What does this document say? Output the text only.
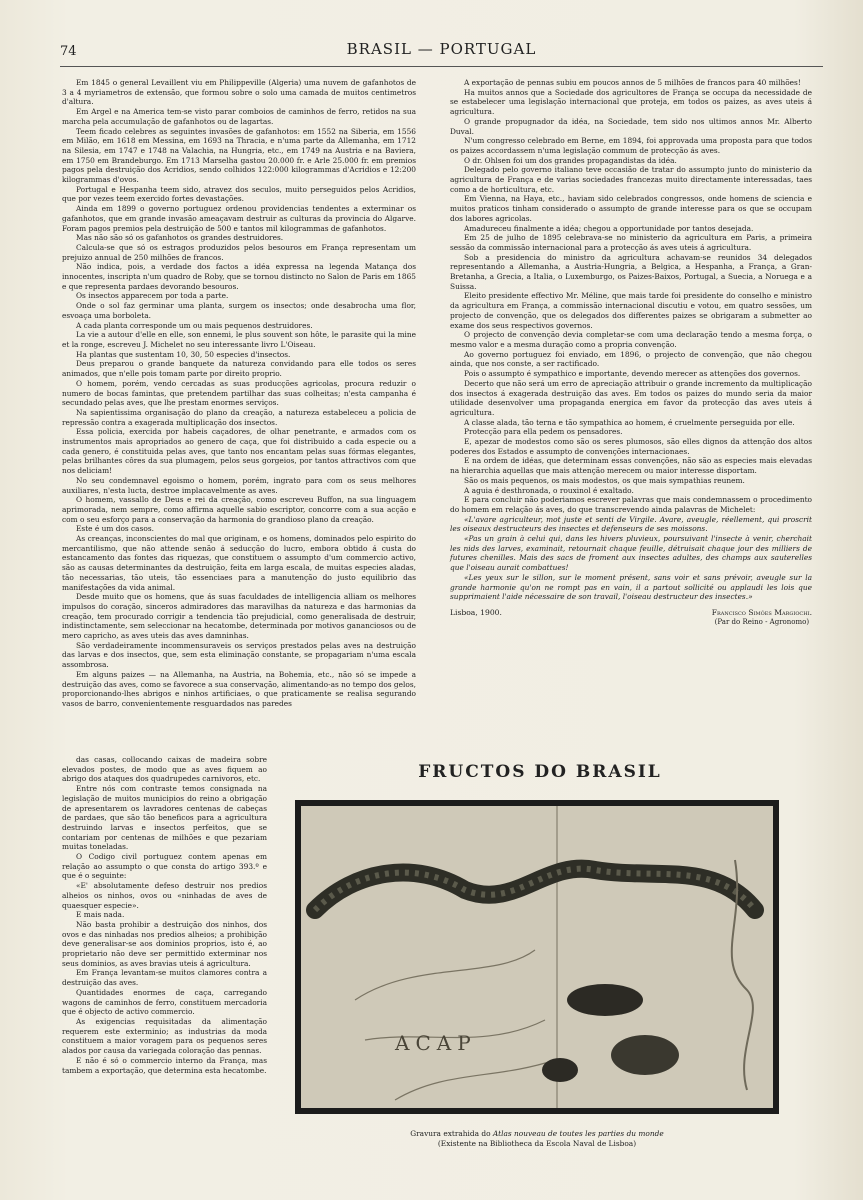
74	BRASIL — PORTUGAL

Em 1845 o general Levaillent viu em Philippeville (Algeria) uma nuvem de gafanhotos de 3 a 4 myriametros de extensão, que formou sobre o solo uma camada de muitos centimetros d'altura.

Em Argel e na America tem-se visto parar comboios de caminhos de ferro, retidos na sua marcha pela accumulação de gafanhotos ou de lagartas.

Teem ficado celebres as seguintes invasões de gafanhotos: em 1552 na Siberia, em 1556 em Milão, em 1618 em Messina, em 1693 na Thracia, e n'uma parte da Allemanha, em 1712 na Silesia, em 1747 e 1748 na Valachia, na Hungria, etc., em 1749 na Austria e na Baviera, em 1750 em Brandeburgo. Em 1713 Marselha gastou 20.000 fr. e Arle 25.000 fr. em premios pagos pela destruição dos Acridios, sendo colhidos 122:000 kilogrammas d'Acridios e 12:200 kilogrammas d'ovos.

Portugal e Hespanha teem sido, atravez dos seculos, muito perseguidos pelos Acridios, que por vezes teem exercido fortes devastações.

Ainda em 1899 o governo portuguez ordenou providencias tendentes a exterminar os gafanhotos, que em grande invasão ameaçavam destruir as culturas da provincia do Algarve. Foram pagos premios pela destruição de 500 e tantos mil kilogrammas de gafanhotos.

Mas não são só os gafanhotos os grandes destruidores.

Calcula-se que só os estragos produzidos pelos besouros em França representam um prejuizo annual de 250 milhões de francos.

Não indica, pois, a verdade dos factos a idéa expressa na legenda Matança dos innocentes, inscripta n'um quadro de Roby, que se tornou distincto no Salon de Paris em 1865 e que representa pardaes devorando besouros.

Os insectos apparecem por toda a parte.

Onde o sol faz germinar uma planta, surgem os insectos; onde desabrocha uma flor, esvoaça uma borboleta.

A cada planta corresponde um ou mais pequenos destruidores.

La vie a autour d'elle en elle, son ennemi, le plus souvent son hôte, le parasite qui la mine et la ronge, escreveu J. Michelet no seu interessante livro L'Oiseau.

Ha plantas que sustentam 10, 30, 50 especies d'insectos.

Deus preparou o grande banquete da natureza convidando para elle todos os seres animados, que n'elle pois tomam parte por direito proprio.

O homem, porém, vendo cercadas as suas producções agricolas, procura reduzir o numero de bocas famintas, que pretendem partilhar das suas colheitas; n'esta campanha é secundado pelas aves, que lhe prestam enormes serviços.

Na sapientissima organisação do plano da creação, a natureza estabeleceu a policia de repressão contra a exagerada multiplicação dos insectos.

Essa policia, exercida por habeis caçadores, de olhar penetrante, e armados com os instrumentos mais apropriados ao genero de caça, que foi distribuido a cada especie ou a cada genero, é constituida pelas aves, que tanto nos encantam pelas suas fórmas elegantes, pelas brilhantes côres da sua plumagem, pelos seus gorgeios, por tantos attractivos com que nos deliciam!

No seu condemnavel egoismo o homem, porém, ingrato para com os seus melhores auxiliares, n'esta lucta, destroe implacavelmente as aves.

O homem, vassallo de Deus e rei da creação, como escreveu Buffon, na sua linguagem aprimorada, nem sempre, como affirma aquelle sabio escriptor, concorre com a sua acção e com o seu esforço para a conservação da harmonia do grandioso plano da creação.

Este é um dos casos.

As creanças, inconscientes do mal que originam, e os homens, dominados pelo espirito do mercantilismo, que não attende senão á seducção do lucro, embora obtido á custa do estancamento das fontes das riquezas, que constituem o assumpto d'um commercio activo, são as causas determinantes da destruição, feita em larga escala, de muitas especies aladas, tão necessarias, tão uteis, tão essenciaes para a manutenção do justo equilibrio das manifestações da vida animal.

Desde muito que os homens, que ás suas faculdades de intelligencia alliam os melhores impulsos do coração, sinceros admiradores das maravilhas da natureza e das harmonias da creação, tem procurado corrigir a tendencia tão prejudicial, como generalisada de destruir, indistinctamente, sem seleccionar na hecatombe, determinada por motivos gananciosos ou de mero capricho, as aves uteis das aves damninhas.

São verdadeiramente incommensuraveis os serviços prestados pelas aves na destruição das larvas e dos insectos, que, sem esta eliminação constante, se propagariam n'uma escala assombrosa.

Em alguns paizes — na Allemanha, na Austria, na Bohemia, etc., não só se impede a destruição das aves, como se favorece a sua conservação, alimentando-as no tempo dos gelos, proporcionando-lhes abrigos e ninhos artificiaes, o que praticamente se realisa segurando vasos de barro, convenientemente resguardados nas paredes

das casas, collocando caixas de madeira sobre elevados postes, de modo que as aves fiquem ao abrigo dos ataques dos quadrupedes carnivoros, etc.

Entre nós com contraste temos consignada na legislação de muitos municipios do reino a obrigação de apresentarem os lavradores centenas de cabeças de pardaes, que são tão beneficos para a agricultura destruindo larvas e insectos perfeitos, que se contariam por centenas de milhões e que pezariam muitas toneladas.

O Codigo civil portuguez contem apenas em relação ao assumpto o que consta do artigo 393.º e que é o seguinte:

«E' absolutamente defeso destruir nos predios alheios os ninhos, ovos ou «ninhadas de aves de quaesquer especie».

E mais nada.

Não basta prohibir a destruição dos ninhos, dos ovos e das ninhadas nos predios alheios; a prohibição deve generalisar-se aos dominios proprios, isto é, ao proprietario não deve ser permittido exterminar nos seus dominios, as aves bravias uteis á agricultura.

Em França levantam-se muitos clamores contra a destruição das aves.

Quantidades enormes de caça, carregando wagons de caminhos de ferro, constituem mercadoria que é objecto de activo commercio.

As exigencias requisitadas da alimentação requerem este exterminio; as industrias da moda constituem a maior voragem para os pequenos seres alados por causa da variegada coloração das pennas.

E não é só o commercio interno da França, mas tambem a exportação, que determina esta hecatombe.

A exportação de pennas subiu em poucos annos de 5 milhões de francos para 40 milhões!

Ha muitos annos que a Sociedade dos agricultores de França se occupa da necessidade de se estabelecer uma legislação internacional que proteja, em todos os paizes, as aves uteis á agricultura.

O grande propugnador da idéa, na Sociedade, tem sido nos ultimos annos Mr. Alberto Duval.

N'um congresso celebrado em Berne, em 1894, foi approvada uma proposta para que todos os paizes accordassem n'uma legislação commum de protecção ás aves.

O dr. Ohlsen foi um dos grandes propagandistas da idéa.

Delegado pelo governo italiano teve occasião de tratar do assumpto junto do ministerio da agricultura de França e de varias sociedades francezas muito directamente interessadas, taes como a de horticultura, etc.

Em Vienna, na Haya, etc., haviam sido celebrados congressos, onde homens de sciencia e muitos praticos tinham considerado o assumpto de grande interesse para os que se occupam dos labores agricolas.

Amadureceu finalmente a idéa; chegou a opportunidade por tantos desejada.

Em 25 de julho de 1895 celebrava-se no ministerio da agricultura em Paris, a primeira sessão da commissão internacional para a protecção ás aves uteis á agricultura.

Sob a presidencia do ministro da agricultura achavam-se reunidos 34 delegados representando a Allemanha, a Austria-Hungria, a Belgica, a Hespanha, a França, a Gran-Bretanha, a Grecia, a Italia, o Luxemburgo, os Paizes-Baixos, Portugal, a Suecia, a Noruega e a Suissa.

Eleito presidente effectivo Mr. Méline, que mais tarde foi presidente do conselho e ministro da agricultura em França, a commissão internacional discutiu e votou, em quatro sessões, um projecto de convenção, que os delegados dos differentes paizes se obrigaram a submetter ao exame dos seus respectivos governos.

O projecto de convenção devia completar-se com uma declaração tendo a mesma força, o mesmo valor e a mesma duração como a propria convenção.

Ao governo portuguez foi enviado, em 1896, o projecto de convenção, que não chegou ainda, que nos conste, a ser ractificado.

Pois o assumpto é sympathico e importante, devendo merecer as attenções dos governos.

Decerto que não será um erro de apreciação attribuir o grande incremento da multiplicação dos insectos á exagerada destruição das aves. Em todos os paizes do mundo seria da maior utilidade desenvolver uma propaganda energica em favor da protecção das aves uteis á agricultura.

A classe alada, tão terna e tão sympathica ao homem, é cruelmente perseguida por elle.

Protecção para ella pedem os pensadores.

E, apezar de modestos como são os seres plumosos, são elles dignos da attenção dos altos poderes dos Estados e assumpto de convenções internacionaes.

E na ordem de idéas, que determinam essas convenções, não são as especies mais elevadas na hierarchia aquellas que mais attenção merecem ou maior interesse disportam.

São os mais pequenos, os mais modestos, os que mais sympathias reunem.

A aguia é desthronada, o rouxinol é exaltado.

E para concluir não poderiamos escrever palavras que mais condemnassem o procedimento do homem em relação ás aves, do que transcrevendo ainda palavras de Michelet:

«L'avare agriculteur, mot juste et senti de Virgile. Avare, aveugle, réellement, qui proscrit les oiseaux destructeurs des insectes et defenseurs de ses moissons.

«Pas un grain à celui qui, dans les hivers pluvieux, poursuivant l'insecte à venir, cherchait les nids des larves, examinait, retournait chaque feuille, détruisait chaque jour des milliers de futures chenilles. Mais des sacs de froment aux insectes adultes, des champs aux sauterelles que l'oiseau aurait combattues!

«Les yeux sur le sillon, sur le moment présent, sans voir et sans prévoir, aveugle sur la grande harmonie qu'on ne rompt pas en vain, il a partout sollicité ou applaudi les lois que supprimaient l'aide nécessaire de son travail, l'oiseau destructeur des insectes.»

Lisboa, 1900.	Francisco Simões Margiochi.
(Par do Reino - Agronomo)
FRUCTOS DO BRASIL
ACAP
Gravura extrahida do Atlas nouveau de toutes les parties du monde
(Existente na Bibliotheca da Escola Naval de Lisboa)
